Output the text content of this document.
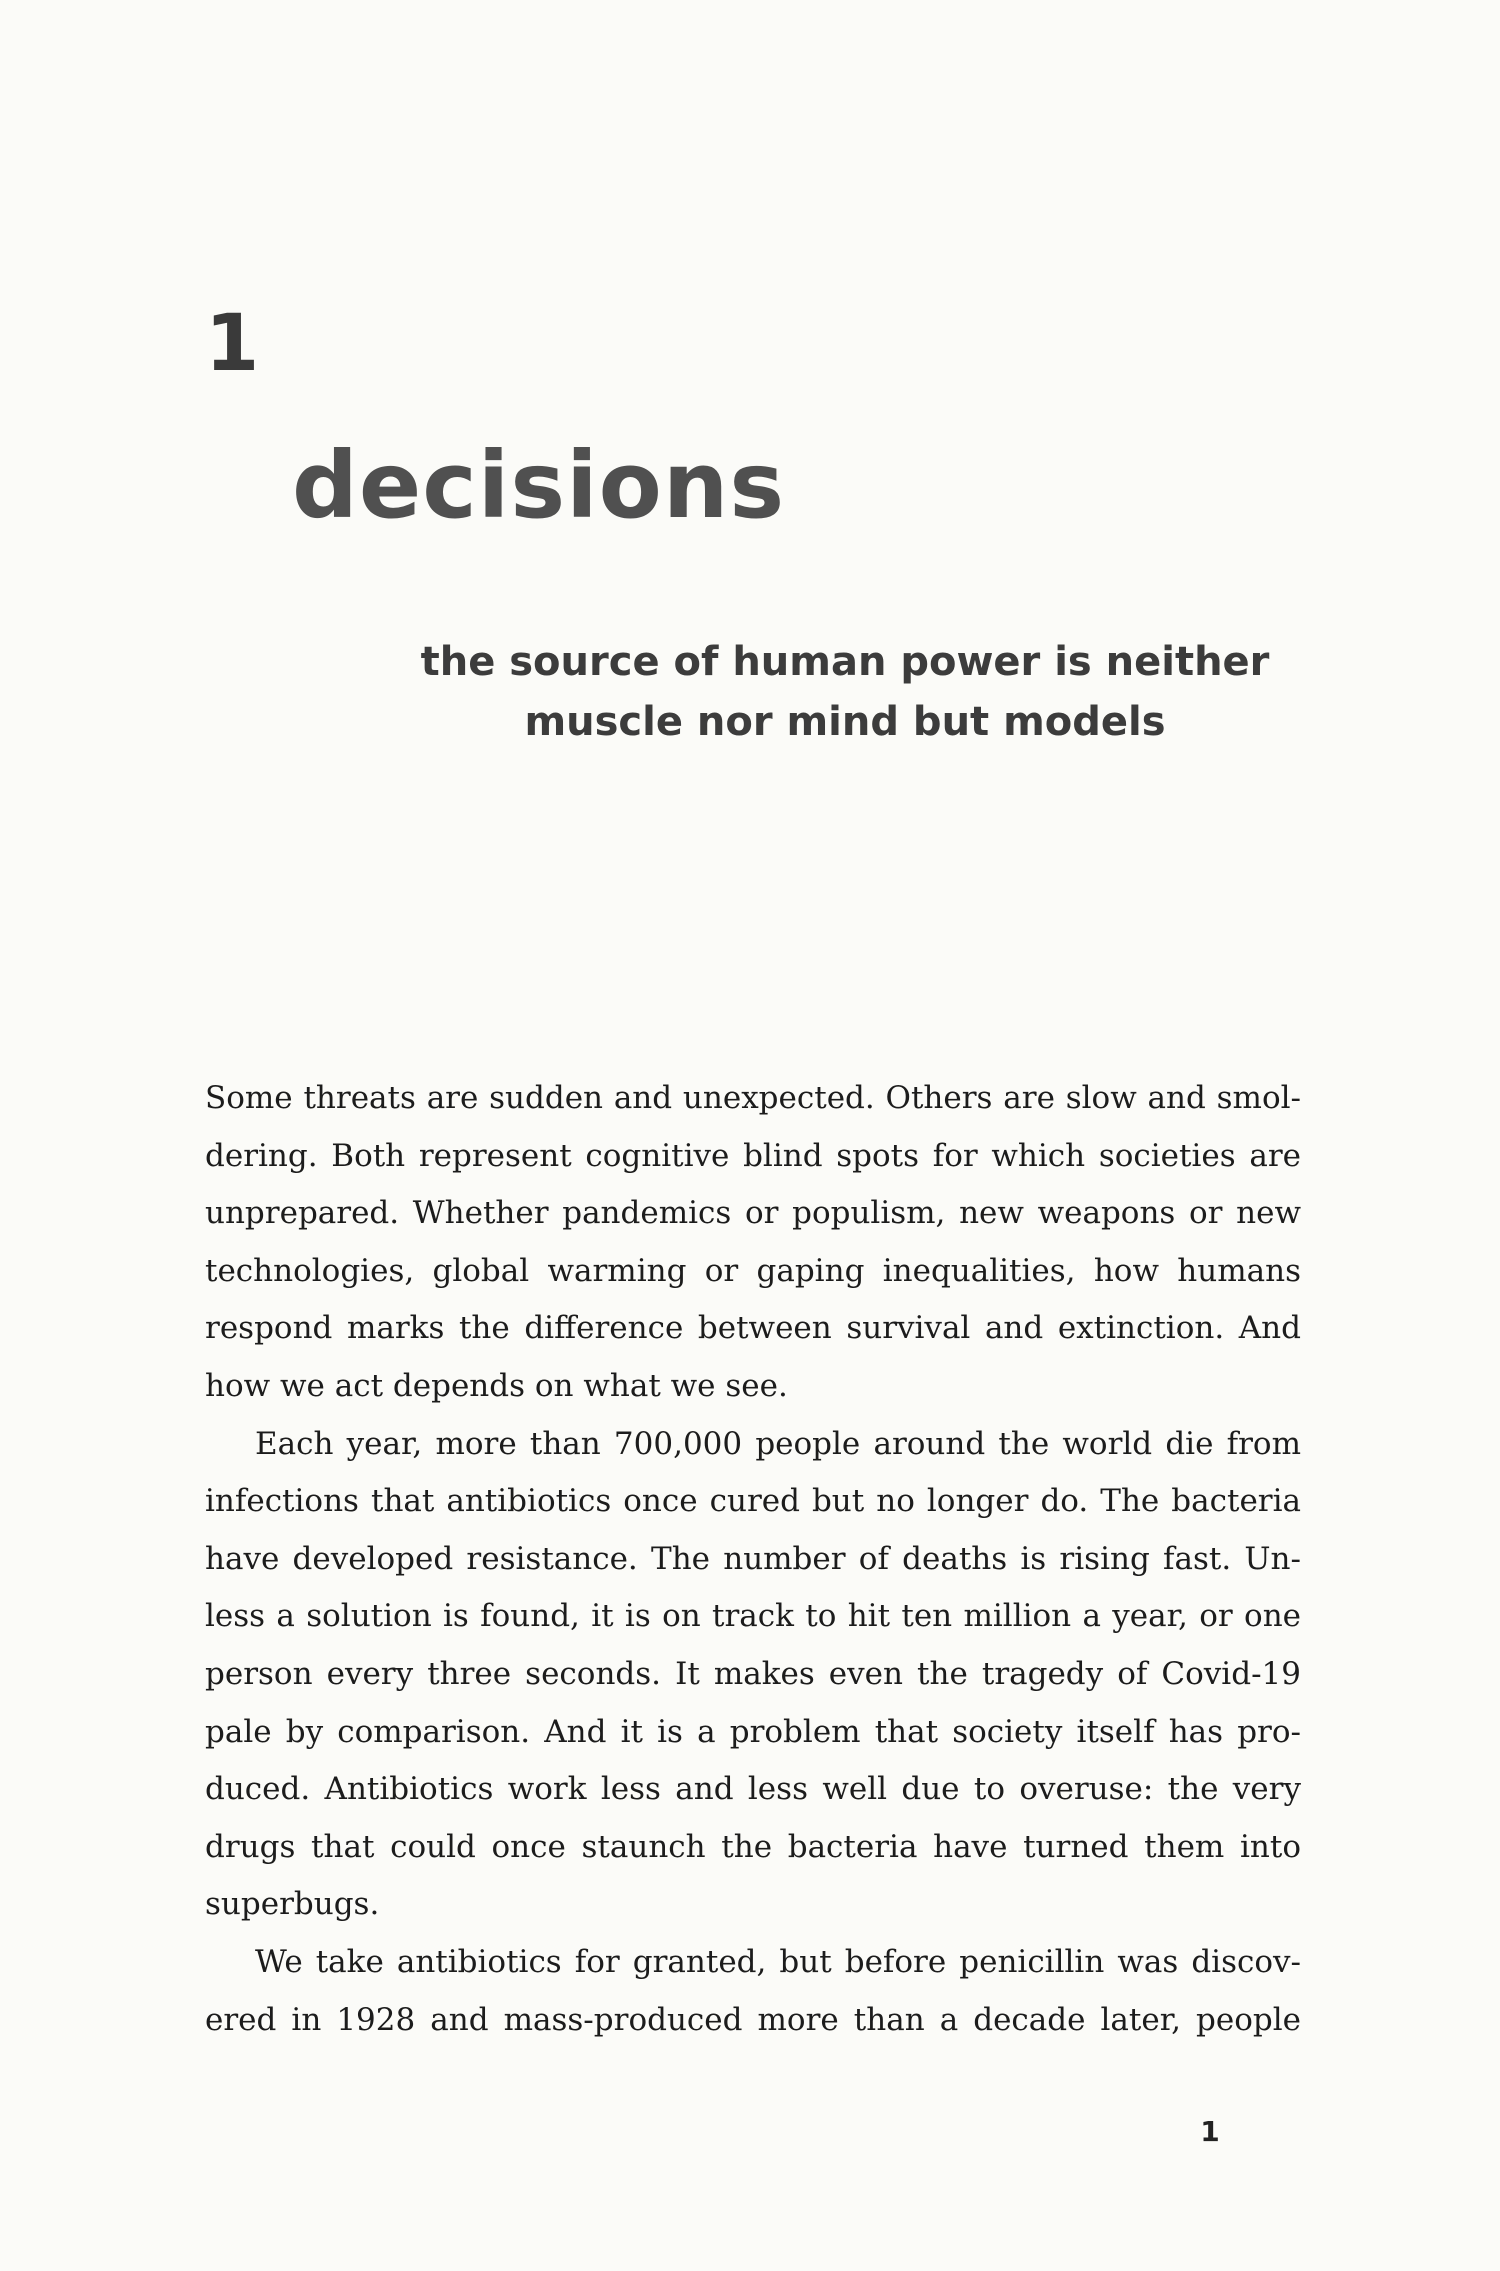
1
decisions
the source of human power is neither
muscle nor mind but models
Some threats are sudden and unexpected. Others are slow and smol-
dering. Both represent cognitive blind spots for which societies are
unprepared. Whether pandemics or populism, new weapons or new
technologies, global warming or gaping inequalities, how humans
respond marks the difference between survival and extinction. And
how we act depends on what we see.
Each year, more than 700,000 people around the world die from
infections that antibiotics once cured but no longer do. The bacteria
have developed resistance. The number of deaths is rising fast. Un-
less a solution is found, it is on track to hit ten million a year, or one
person every three seconds. It makes even the tragedy of Covid-19
pale by comparison. And it is a problem that society itself has pro-
duced. Antibiotics work less and less well due to overuse: the very
drugs that could once staunch the bacteria have turned them into
superbugs.
We take antibiotics for granted, but before penicillin was discov-
ered in 1928 and mass-produced more than a decade later, people
1
